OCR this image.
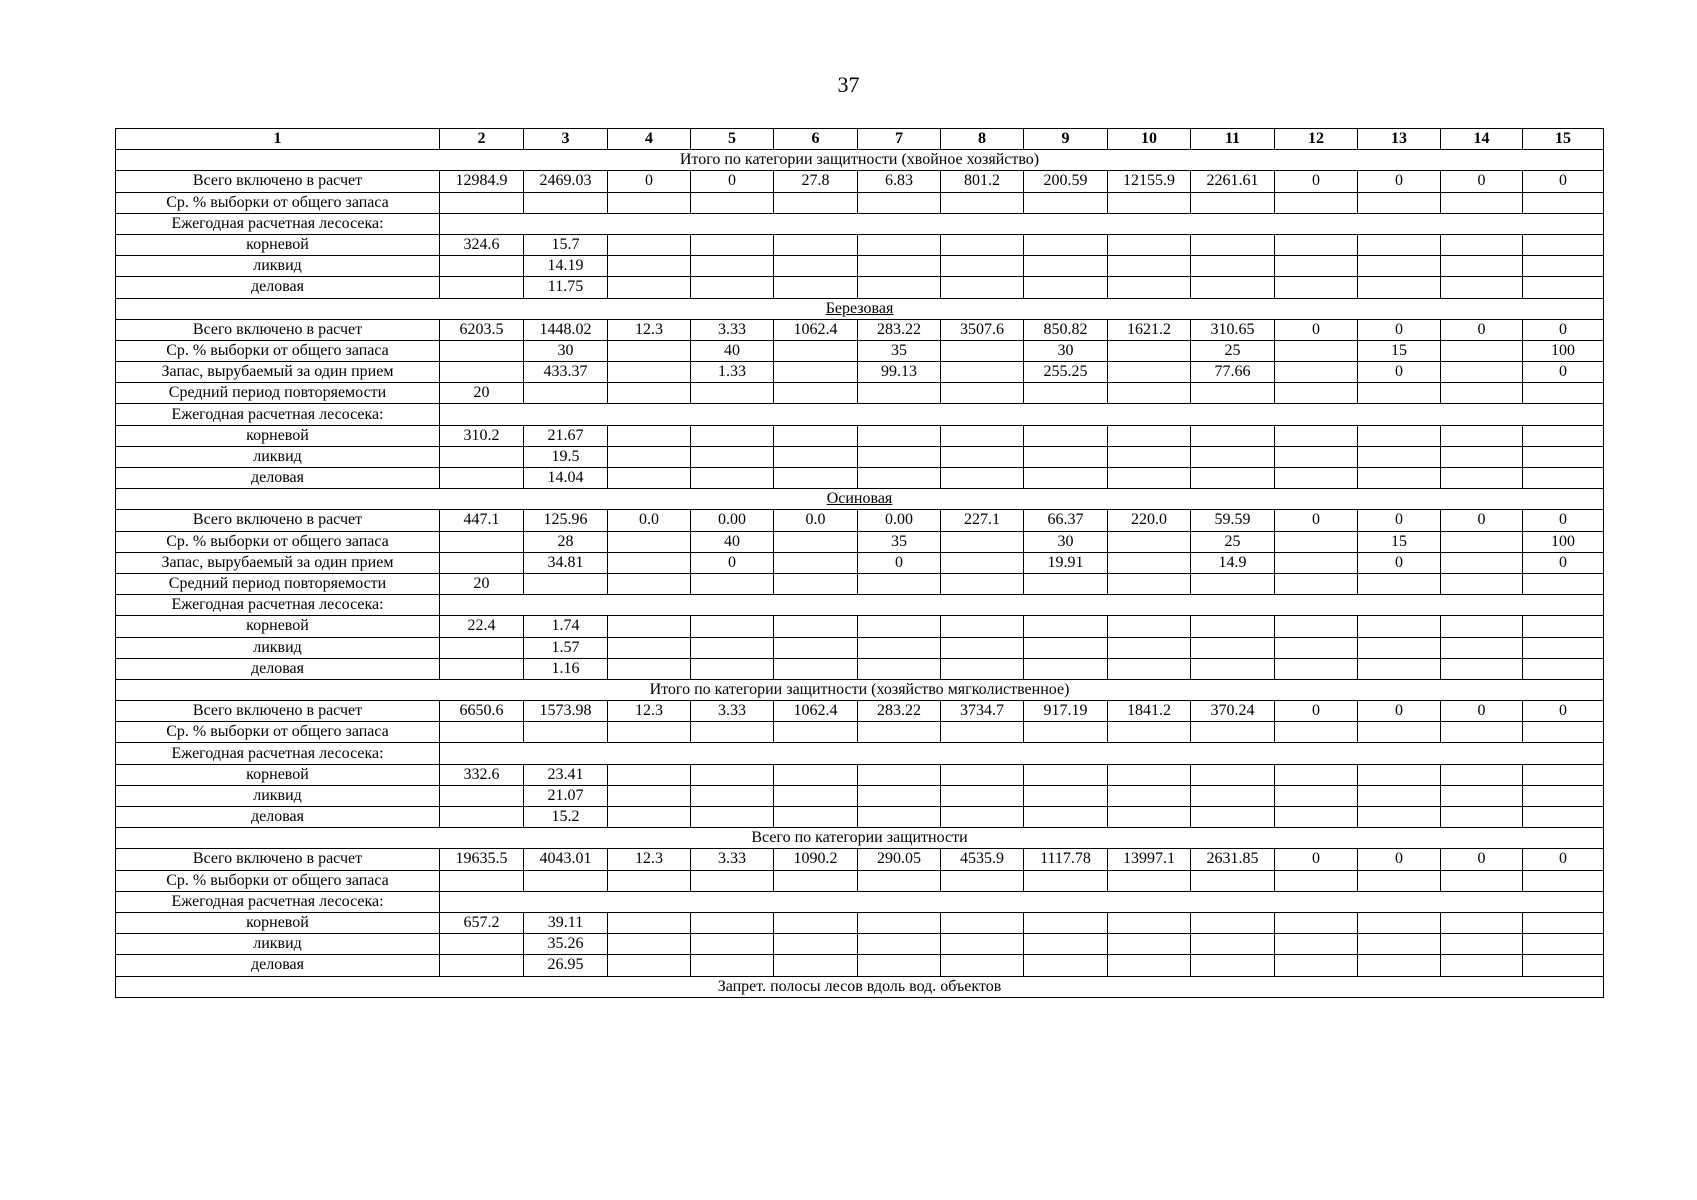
37
1	2	3	4	5	6	7	8	9	10	11	12	13	14	15
Итого по категории защитности (хвойное хозяйство)														
Всего включено в расчет	12984.9	2469.03	0	0	27.8	6.83	801.2	200.59	12155.9	2261.61	0	0	0	0
Ср. % выборки от общего запаса														
Ежегодная расчетная лесосека:														
корневой	324.6	15.7												
ликвид		14.19												
деловая		11.75												
Березовая														
Всего включено в расчет	6203.5	1448.02	12.3	3.33	1062.4	283.22	3507.6	850.82	1621.2	310.65	0	0	0	0
Ср. % выборки от общего запаса		30		40		35		30		25		15		100
Запас, вырубаемый за один прием		433.37		1.33		99.13		255.25		77.66		0		0
Средний период повторяемости	20													
Ежегодная расчетная лесосека:														
корневой	310.2	21.67												
ликвид		19.5												
деловая		14.04												
Осиновая														
Всего включено в расчет	447.1	125.96	0.0	0.00	0.0	0.00	227.1	66.37	220.0	59.59	0	0	0	0
Ср. % выборки от общего запаса		28		40		35		30		25		15		100
Запас, вырубаемый за один прием		34.81		0		0		19.91		14.9		0		0
Средний период повторяемости	20													
Ежегодная расчетная лесосека:														
корневой	22.4	1.74												
ликвид		1.57												
деловая		1.16												
Итого по категории защитности (хозяйство мягколиственное)														
Всего включено в расчет	6650.6	1573.98	12.3	3.33	1062.4	283.22	3734.7	917.19	1841.2	370.24	0	0	0	0
Ср. % выборки от общего запаса														
Ежегодная расчетная лесосека:														
корневой	332.6	23.41												
ликвид		21.07												
деловая		15.2												
Всего по категории защитности														
Всего включено в расчет	19635.5	4043.01	12.3	3.33	1090.2	290.05	4535.9	1117.78	13997.1	2631.85	0	0	0	0
Ср. % выборки от общего запаса														
Ежегодная расчетная лесосека:														
корневой	657.2	39.11												
ликвид		35.26												
деловая		26.95												
Запрет. полосы лесов вдоль вод. объектов														
